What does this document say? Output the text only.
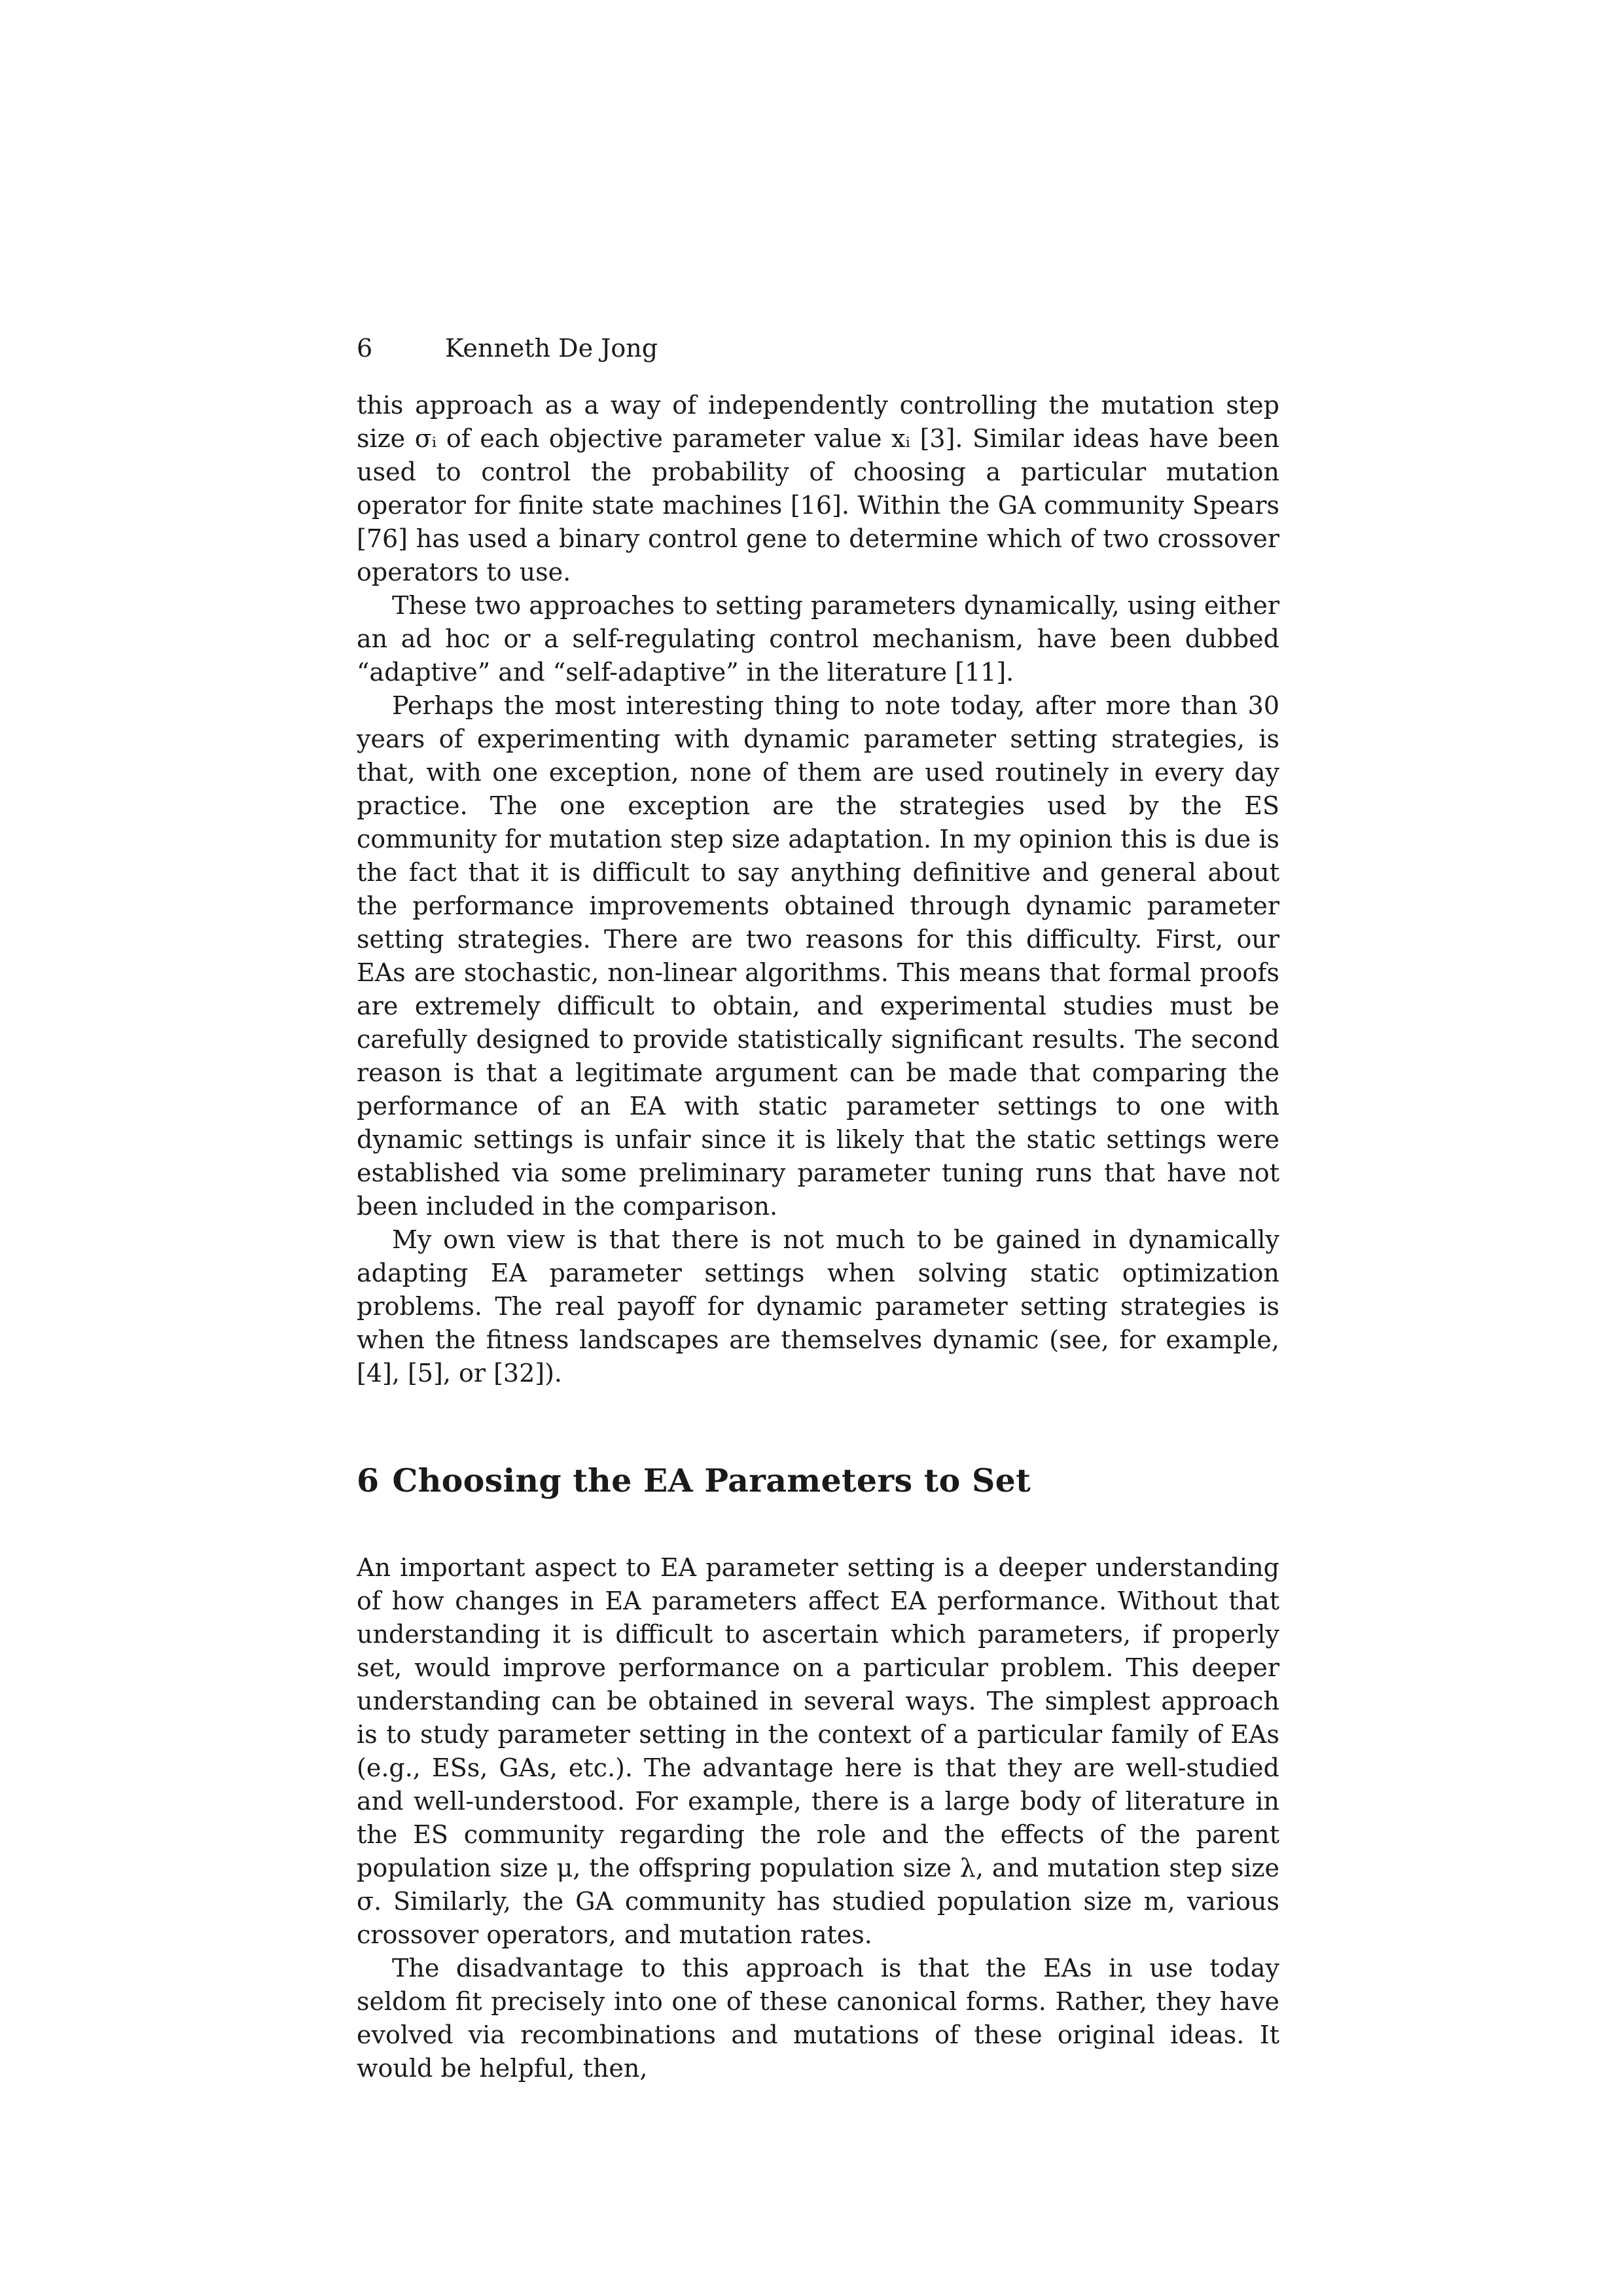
6	Kenneth De Jong

this approach as a way of independently controlling the mutation step size σᵢ of each objective parameter value xᵢ [3]. Similar ideas have been used to control the probability of choosing a particular mutation operator for finite state machines [16]. Within the GA community Spears [76] has used a binary control gene to determine which of two crossover operators to use.

These two approaches to setting parameters dynamically, using either an ad hoc or a self-regulating control mechanism, have been dubbed “adaptive” and “self-adaptive” in the literature [11].

Perhaps the most interesting thing to note today, after more than 30 years of experimenting with dynamic parameter setting strategies, is that, with one exception, none of them are used routinely in every day practice. The one exception are the strategies used by the ES community for mutation step size adaptation. In my opinion this is due is the fact that it is difficult to say anything definitive and general about the performance improvements obtained through dynamic parameter setting strategies. There are two reasons for this difficulty. First, our EAs are stochastic, non-linear algorithms. This means that formal proofs are extremely difficult to obtain, and experimental studies must be carefully designed to provide statistically significant results. The second reason is that a legitimate argument can be made that comparing the performance of an EA with static parameter settings to one with dynamic settings is unfair since it is likely that the static settings were established via some preliminary parameter tuning runs that have not been included in the comparison.

My own view is that there is not much to be gained in dynamically adapting EA parameter settings when solving static optimization problems. The real payoff for dynamic parameter setting strategies is when the fitness landscapes are themselves dynamic (see, for example, [4], [5], or [32]).

6 Choosing the EA Parameters to Set

An important aspect to EA parameter setting is a deeper understanding of how changes in EA parameters affect EA performance. Without that understanding it is difficult to ascertain which parameters, if properly set, would improve performance on a particular problem. This deeper understanding can be obtained in several ways. The simplest approach is to study parameter setting in the context of a particular family of EAs (e.g., ESs, GAs, etc.). The advantage here is that they are well-studied and well-understood. For example, there is a large body of literature in the ES community regarding the role and the effects of the parent population size μ, the offspring population size λ, and mutation step size σ. Similarly, the GA community has studied population size m, various crossover operators, and mutation rates.

The disadvantage to this approach is that the EAs in use today seldom fit precisely into one of these canonical forms. Rather, they have evolved via recombinations and mutations of these original ideas. It would be helpful, then,
